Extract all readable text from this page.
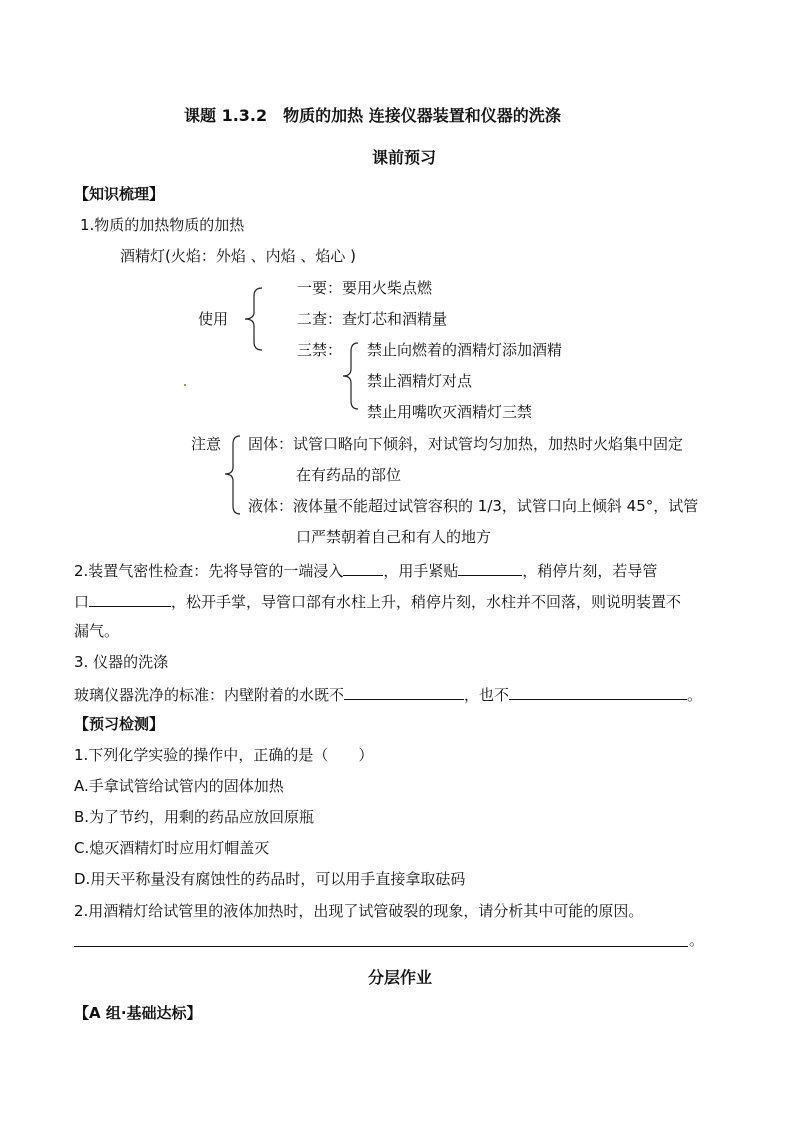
课题 1.3.2　物质的加热 连接仪器装置和仪器的洗涤
课前预习
【知识梳理】
1.物质的加热物质的加热
酒精灯(火焰：外焰 、内焰 、焰心 )
使用
一要：要用火柴点燃
二查：查灯芯和酒精量
三禁： 禁止向燃着的酒精灯添加酒精
禁止酒精灯对点
禁止用嘴吹灭酒精灯三禁
注意 固体：试管口略向下倾斜，对试管均匀加热，加热时火焰集中固定
在有药品的部位
液体：液体量不能超过试管容积的 1/3，试管口向上倾斜 45°，试管
口严禁朝着自己和有人的地方
2.装置气密性检查：先将导管的一端浸入	，用手紧贴	，稍停片刻，若导管
口	，松开手掌，导管口部有水柱上升，稍停片刻，水柱并不回落，则说明装置不
漏气。
3. 仪器的洗涤
玻璃仪器洗净的标准：内壁附着的水既不	，也不	。
【预习检测】
1.下列化学实验的操作中，正确的是（　　）
A.手拿试管给试管内的固体加热
B.为了节约，用剩的药品应放回原瓶
C.熄灭酒精灯时应用灯帽盖灭
D.用天平称量没有腐蚀性的药品时，可以用手直接拿取砝码
2.用酒精灯给试管里的液体加热时，出现了试管破裂的现象，请分析其中可能的原因。
。
分层作业
【A 组·基础达标】
